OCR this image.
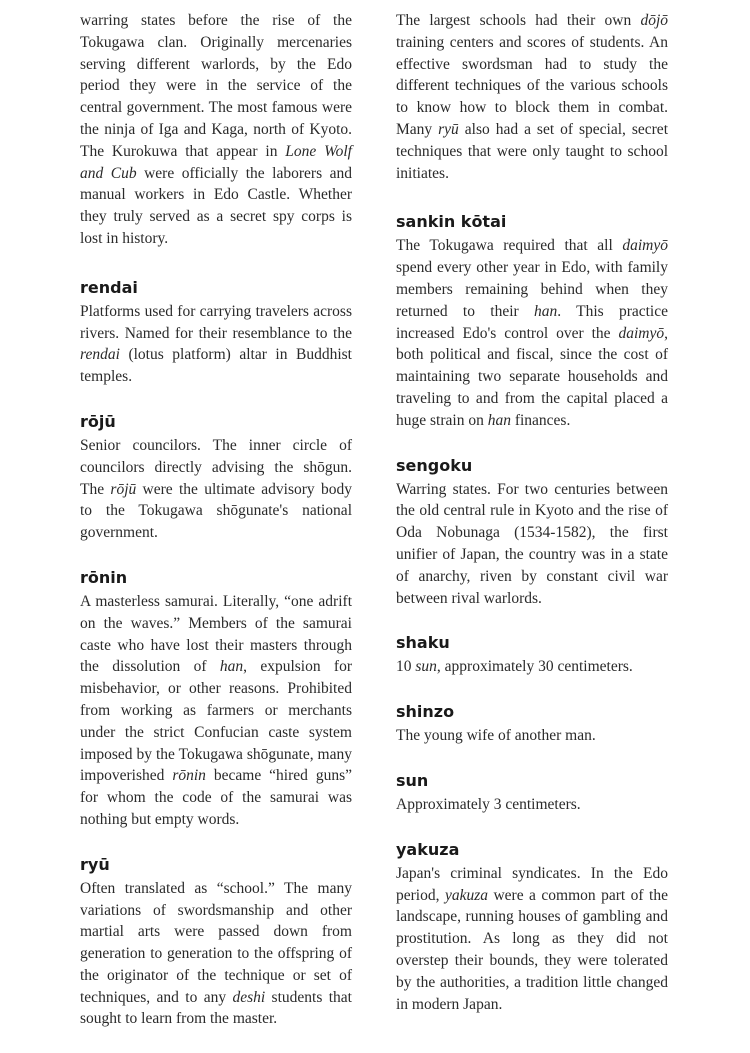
warring states before the rise of the Tokugawa clan. Originally mercenaries serving different warlords, by the Edo period they were in the service of the central government. The most famous were the ninja of Iga and Kaga, north of Kyoto. The Kurokuwa that appear in Lone Wolf and Cub were officially the laborers and manual workers in Edo Castle. Whether they truly served as a secret spy corps is lost in history.

rendai

Platforms used for carrying travelers across rivers. Named for their resemblance to the rendai (lotus platform) altar in Buddhist temples.

rōjū

Senior councilors. The inner circle of councilors directly advising the shōgun. The rōjū were the ultimate advisory body to the Tokugawa shōgunate's national government.

rōnin

A masterless samurai. Literally, “one adrift on the waves.” Members of the samurai caste who have lost their masters through the dissolution of han, expulsion for misbehavior, or other reasons. Prohibited from working as farmers or merchants under the strict Confucian caste system imposed by the Tokugawa shōgunate, many impoverished rōnin became “hired guns” for whom the code of the samurai was nothing but empty words.

ryū

Often translated as “school.” The many variations of swordsmanship and other martial arts were passed down from generation to generation to the offspring of the originator of the technique or set of techniques, and to any deshi students that sought to learn from the master.

The largest schools had their own dōjō training centers and scores of students. An effective swordsman had to study the different techniques of the various schools to know how to block them in combat. Many ryū also had a set of special, secret techniques that were only taught to school initiates.

sankin kōtai

The Tokugawa required that all daimyō spend every other year in Edo, with family members remaining behind when they returned to their han. This practice increased Edo's control over the daimyō, both political and fiscal, since the cost of maintaining two separate households and traveling to and from the capital placed a huge strain on han finances.

sengoku

Warring states. For two centuries between the old central rule in Kyoto and the rise of Oda Nobunaga (1534-1582), the first unifier of Japan, the country was in a state of anarchy, riven by constant civil war between rival warlords.

shaku

10 sun, approximately 30 centimeters.

shinzo

The young wife of another man.

sun

Approximately 3 centimeters.

yakuza

Japan's criminal syndicates. In the Edo period, yakuza were a common part of the landscape, running houses of gambling and prostitution. As long as they did not overstep their bounds, they were tolerated by the authorities, a tradition little changed in modern Japan.
